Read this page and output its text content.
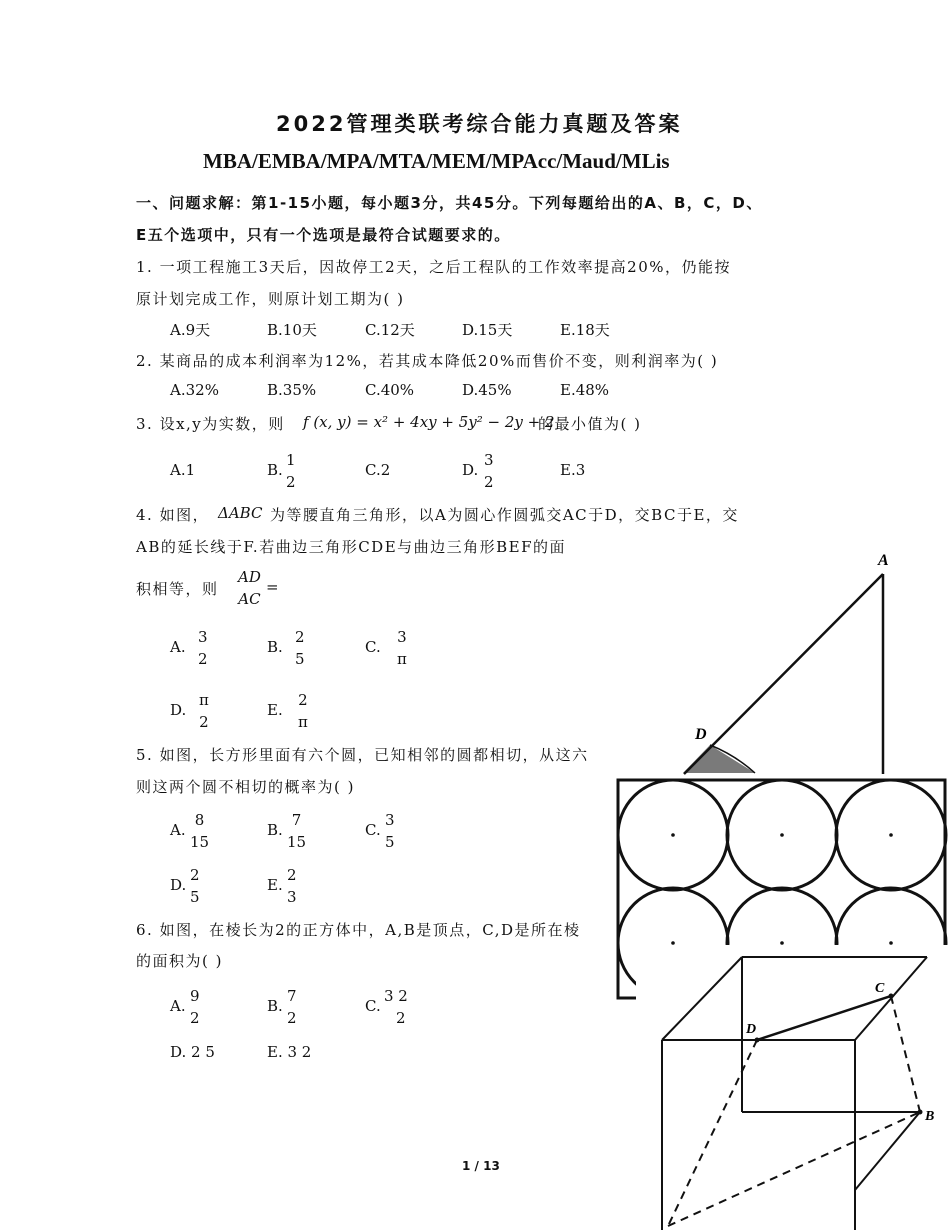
2022管理类联考综合能力真题及答案
MBA/EMBA/MPA/MTA/MEM/MPAcc/Maud/MLis
一、问题求解：第1-15小题，每小题3分，共45分。下列每题给出的A、B，C，D、
E五个选项中，只有一个选项是最符合试题要求的。
1. 一项工程施工3天后，因故停工2天，之后工程队的工作效率提高20%，仍能按
原计划完成工作，则原计划工期为( )
A.9天	B.10天	C.12天	D.15天	E.18天
2. 某商品的成本利润率为12%，若其成本降低20%而售价不变，则利润率为( )
A.32%	B.35%	C.40%	D.45%	E.48%
3. 设x,y为实数，则 f (x, y) = x² + 4xy + 5y² − 2y + 2
的最小值为( )
A.1	B.
1
2
C.2	D.
3
2
E.3
4. 如图， ΔABC 为等腰直角三角形，以A为圆心作圆弧交AC于D，交BC于E，交
AB的延长线于F.若曲边三角形CDE与曲边三角形BEF的面
积相等，则
AD
AC
=
A.
3
2
B.
2
5
C.
3
π
D.
π
2
E.
2
π
5. 如图，长方形里面有六个圆，已知相邻的圆都相切，从这六
则这两个圆不相切的概率为( )
A.
8
15
B.
7
15
C.
3
5
D.
2
5
E.
2
3
6. 如图，在棱长为2的正方体中，A,B是顶点，C,D是所在棱
的面积为( )
A.
9
2
B.
7
2
C.
3 2
2
D. 2 5	E. 3 2
1 / 13
A
D
C
D
B
